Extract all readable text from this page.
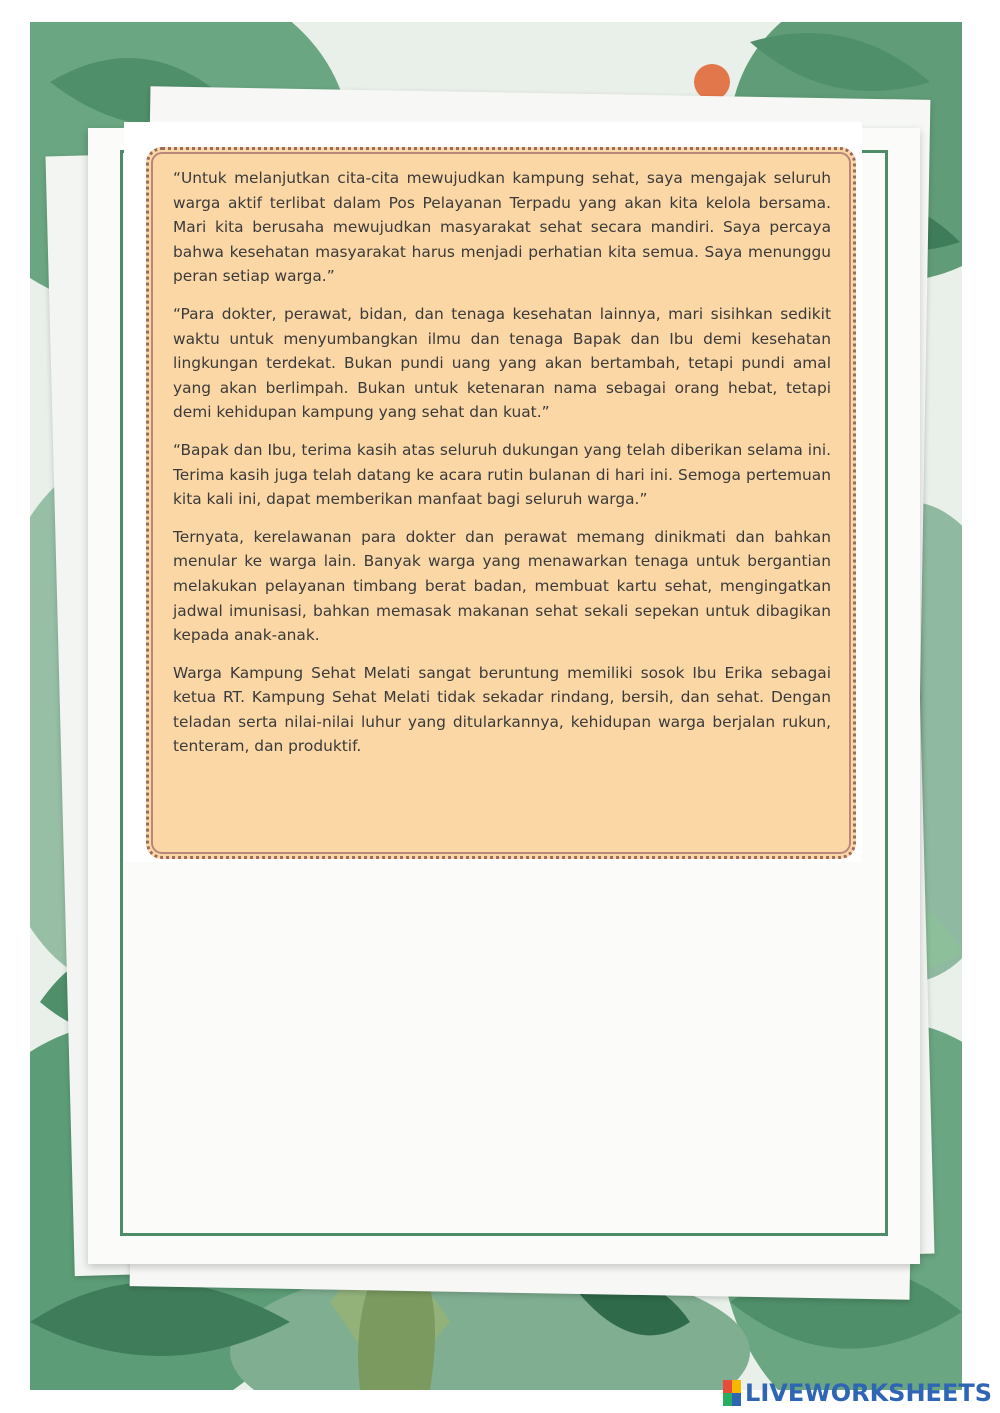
“Untuk melanjutkan cita-cita mewujudkan kampung sehat, saya mengajak seluruh warga aktif terlibat dalam Pos Pelayanan Terpadu yang akan kita kelola bersama. Mari kita berusaha mewujudkan masyarakat sehat secara mandiri. Saya percaya bahwa kesehatan masyarakat harus menjadi perhatian kita semua. Saya menunggu peran setiap warga.”

“Para dokter, perawat, bidan, dan tenaga kesehatan lainnya, mari sisihkan sedikit waktu untuk menyumbangkan ilmu dan tenaga Bapak dan Ibu demi kesehatan lingkungan terdekat. Bukan pundi uang yang akan bertambah, tetapi pundi amal yang akan berlimpah. Bukan untuk ketenaran nama sebagai orang hebat, tetapi demi kehidupan kampung yang sehat dan kuat.”

“Bapak dan Ibu, terima kasih atas seluruh dukungan yang telah diberikan selama ini. Terima kasih juga telah datang ke acara rutin bulanan di hari ini. Semoga pertemuan kita kali ini, dapat memberikan manfaat bagi seluruh warga.”

Ternyata, kerelawanan para dokter dan perawat memang dinikmati dan bahkan menular ke warga lain. Banyak warga yang menawarkan tenaga untuk bergantian melakukan pelayanan timbang berat badan, membuat kartu sehat, mengingatkan jadwal imunisasi, bahkan memasak makanan sehat sekali sepekan untuk dibagikan kepada anak-anak.

Warga Kampung Sehat Melati sangat beruntung memiliki sosok Ibu Erika sebagai ketua RT. Kampung Sehat Melati tidak sekadar rindang, bersih, dan sehat. Dengan teladan serta nilai-nilai luhur yang ditularkannya, kehidupan warga berjalan rukun, tenteram, dan produktif.

LIVEWORKSHEETS
